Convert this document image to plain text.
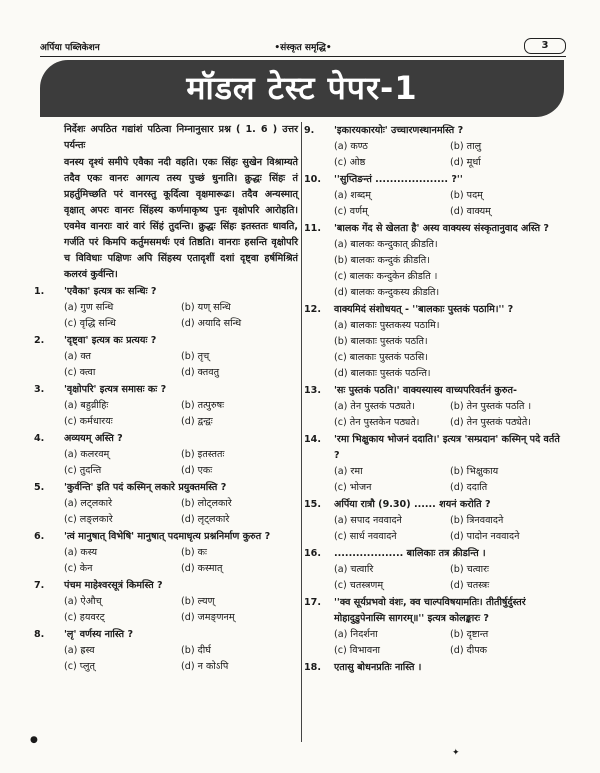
अर्पिया पब्लिकेशन	•संस्कृत समृद्धि•	3
मॉडल टेस्ट पेपर-1
निर्देशः अपठित गद्यांशं पठित्वा निम्नानुसार प्रश्न ( 1. 6 ) उत्तर पर्यन्तः
वनस्य दृश्यं समीपे एवैका नदी वहति। एकः सिंहः सुखेन विश्राम्यते तदैव एकः वानरः आगत्य तस्य पुच्छं धुनाति। क्रुद्धः सिंहः तं प्रहर्तुमिच्छति परं वानरस्तु कूर्दित्वा वृक्षमारूढः। तदैव अन्यस्मात् वृक्षात् अपरः वानरः सिंहस्य कर्णमाकृष्य पुनः वृक्षोपरि आरोहति। एवमेव वानराः वारं वारं सिंहं तुदन्ति। क्रुद्धः सिंहः इतस्ततः धावति, गर्जति परं किमपि कर्तुमसमर्थः एवं तिष्ठति। वानराः हसन्ति वृक्षोपरि च विविधाः पक्षिणः अपि सिंहस्य एतादृशीं दशां दृष्ट्वा हर्षमिश्रितं कलरवं कुर्वन्ति।
1.	'एवैका' इत्यत्र कः सन्धिः ?
(a) गुण सन्धि	(b) यण् सन्धि
(c) वृद्धि सन्धि	(d) अयादि सन्धि
2.	'दृष्ट्वा' इत्यत्र कः प्रत्ययः ?
(a) क्त	(b) तृच्
(c) क्त्वा	(d) क्तवतु
3.	'वृक्षोपरि' इत्यत्र समासः कः ?
(a) बहुव्रीहिः	(b) तत्पुरुषः
(c) कर्मधारयः	(d) द्वन्द्वः
4.	अव्ययम् अस्ति ?
(a) कलरवम्	(b) इतस्ततः
(c) तुदन्ति	(d) एकः
5.	'कुर्वन्ति' इति पदं कस्मिन् लकारे प्रयुक्तमस्ति ?
(a) लट्लकारे	(b) लोट्लकारे
(c) लङ्लकारे	(d) लृट्लकारे
6.	'त्वं मानुषात् विभेषि' मानुषात् पदमाधृत्य प्रश्ननिर्माण कुरुत ?
(a) कस्य	(b) कः
(c) केन	(d) कस्मात्
7.	पंचम माहेश्वरसूत्रं किमस्ति ?
(a) ऐऔच्	(b) ल्यण्
(c) हयवरट्	(d) जमङ्णनम्
8.	'लृ' वर्णस्य नास्ति ?
(a) ह्रस्व	(b) दीर्घ
(c) प्लुत्	(d) न कोऽपि
9.	'इकारयकारयोः' उच्चारणस्थानमस्ति ?
(a) कण्ठ	(b) तालु
(c) ओष्ठ	(d) मूर्धा
10.	''सुप्तिङन्तं .................... ?''
(a) शब्दम्	(b) पदम्
(c) वर्णम्	(d) वाक्यम्
11.	'बालक गेंद से खेलता है' अस्य वाक्यस्य संस्कृतानुवाद अस्ति ?
(a) बालकः कन्दुकात् क्रीडति।
(b) बालकः कन्दुकं क्रीडति।
(c) बालकः कन्दुकेन क्रीडति ।
(d) बालकः कन्दुकस्य क्रीडति।
12.	वाक्यमिदं संशोधयत् - ''बालकाः पुस्तकं पठामि।'' ?
(a) बालकाः पुस्तकस्य पठामि।
(b) बालकाः पुस्तकं पठति।
(c) बालकाः पुस्तकं पठसि।
(d) बालकाः पुस्तकं पठन्ति।
13.	'सः पुस्तकं पठति।' वाक्यस्यास्य वाच्यपरिवर्तनं कुरुत-
(a) तेन पुस्तकं पठ्यते।	(b) तेन पुस्तकं पठति ।
(c) तेन पुस्तकेन पठ्यते।	(d) तेन पुस्तकं पठ्येते।
14.	'रमा भिक्षुकाय भोजनं ददाति।' इत्यत्र 'सम्प्रदान' कस्मिन् पदे वर्तते ?
(a) रमा	(b) भिक्षुकाय
(c) भोजन	(d) ददाति
15.	अर्पिया रात्रौ (9.30) ...... शयनं करोति ?
(a) सपाद नववादने	(b) त्रिनववादने
(c) सार्ध नववादने	(d) पादोन नववादने
16.	................... बालिकाः तत्र क्रीडन्ति ।
(a) चत्वारि	(b) चत्वारः
(c) चतस्त्रणम्	(d) चतस्त्रः
17.	''क्व सूर्यप्रभवो वंशः, क्व चाल्पविषयामतिः। तीतीर्षुर्दुस्तरं मोहादुडुपेनास्मि सागरम्॥'' इत्यत्र कोलङ्कारः ?
(a) निदर्शना	(b) दृष्टान्त
(c) विभावना	(d) दीपक
18.	एतासु बोधनप्रतिः नास्ति ।
●
✦
